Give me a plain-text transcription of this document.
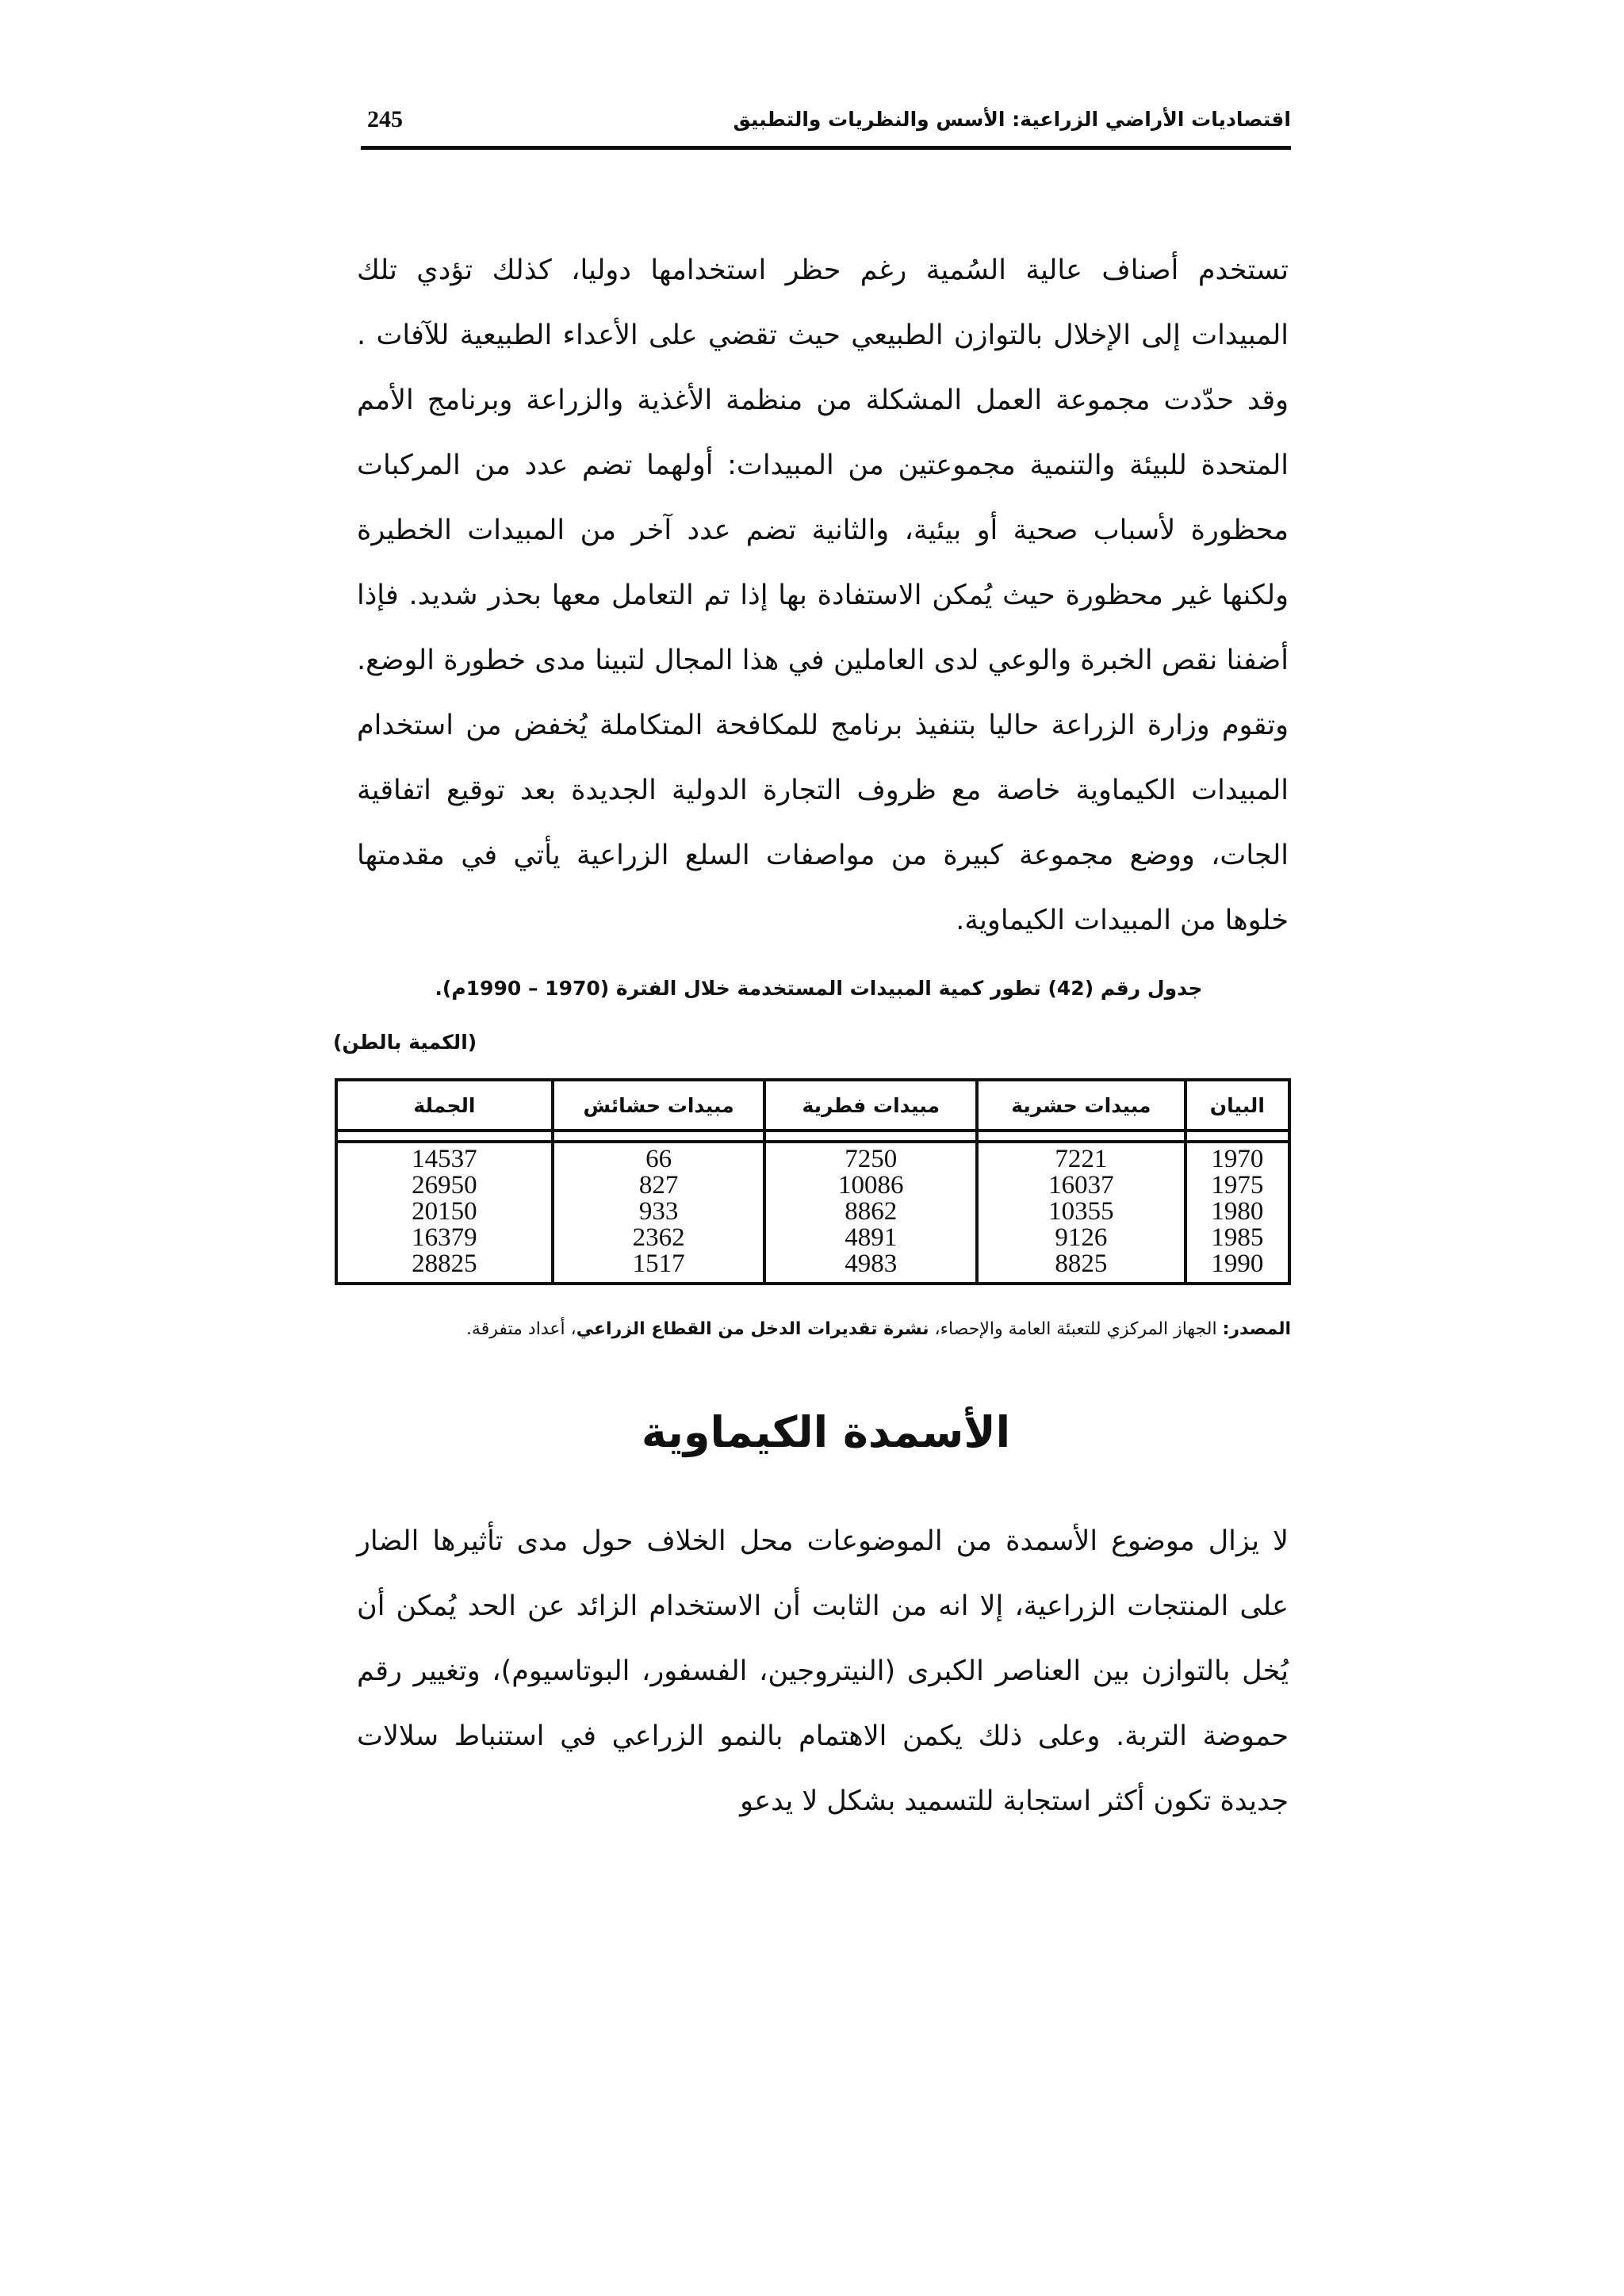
اقتصاديات الأراضي الزراعية: الأسس والنظريات والتطبيق
245

تستخدم أصناف عالية السُمية رغم حظر استخدامها دوليا، كذلك تؤدي تلك المبيدات إلى الإخلال بالتوازن الطبيعي حيث تقضي على الأعداء الطبيعية للآفات . وقد حدّدت مجموعة العمل المشكلة من منظمة الأغذية والزراعة وبرنامج الأمم المتحدة للبيئة والتنمية مجموعتين من المبيدات: أولهما تضم عدد من المركبات محظورة لأسباب صحية أو بيئية، والثانية تضم عدد آخر من المبيدات الخطيرة ولكنها غير محظورة حيث يُمكن الاستفادة بها إذا تم التعامل معها بحذر شديد. فإذا أضفنا نقص الخبرة والوعي لدى العاملين في هذا المجال لتبينا مدى خطورة الوضع. وتقوم وزارة الزراعة حاليا بتنفيذ برنامج للمكافحة المتكاملة يُخفض من استخدام المبيدات الكيماوية خاصة مع ظروف التجارة الدولية الجديدة بعد توقيع اتفاقية الجات، ووضع مجموعة كبيرة من مواصفات السلع الزراعية يأتي في مقدمتها خلوها من المبيدات الكيماوية.

جدول رقم (42) تطور كمية المبيدات المستخدمة خلال الفترة (1970 – 1990م).
(الكمية بالطن)
البيان	مبيدات حشرية	مبيدات فطرية	مبيدات حشائش	الجملة

1970	7221	7250	66	14537
1975	16037	10086	827	26950
1980	10355	8862	933	20150
1985	9126	4891	2362	16379
1990	8825	4983	1517	28825
المصدر: الجهاز المركزي للتعبئة العامة والإحصاء، نشرة تقديرات الدخل من القطاع الزراعي، أعداد متفرقة.
الأسمدة الكيماوية

لا يزال موضوع الأسمدة من الموضوعات محل الخلاف حول مدى تأثيرها الضار على المنتجات الزراعية، إلا انه من الثابت أن الاستخدام الزائد عن الحد يُمكن أن يُخل بالتوازن بين العناصر الكبرى (النيتروجين، الفسفور، البوتاسيوم)، وتغيير رقم حموضة التربة. وعلى ذلك يكمن الاهتمام بالنمو الزراعي في استنباط سلالات جديدة تكون أكثر استجابة للتسميد بشكل لا يدعو
